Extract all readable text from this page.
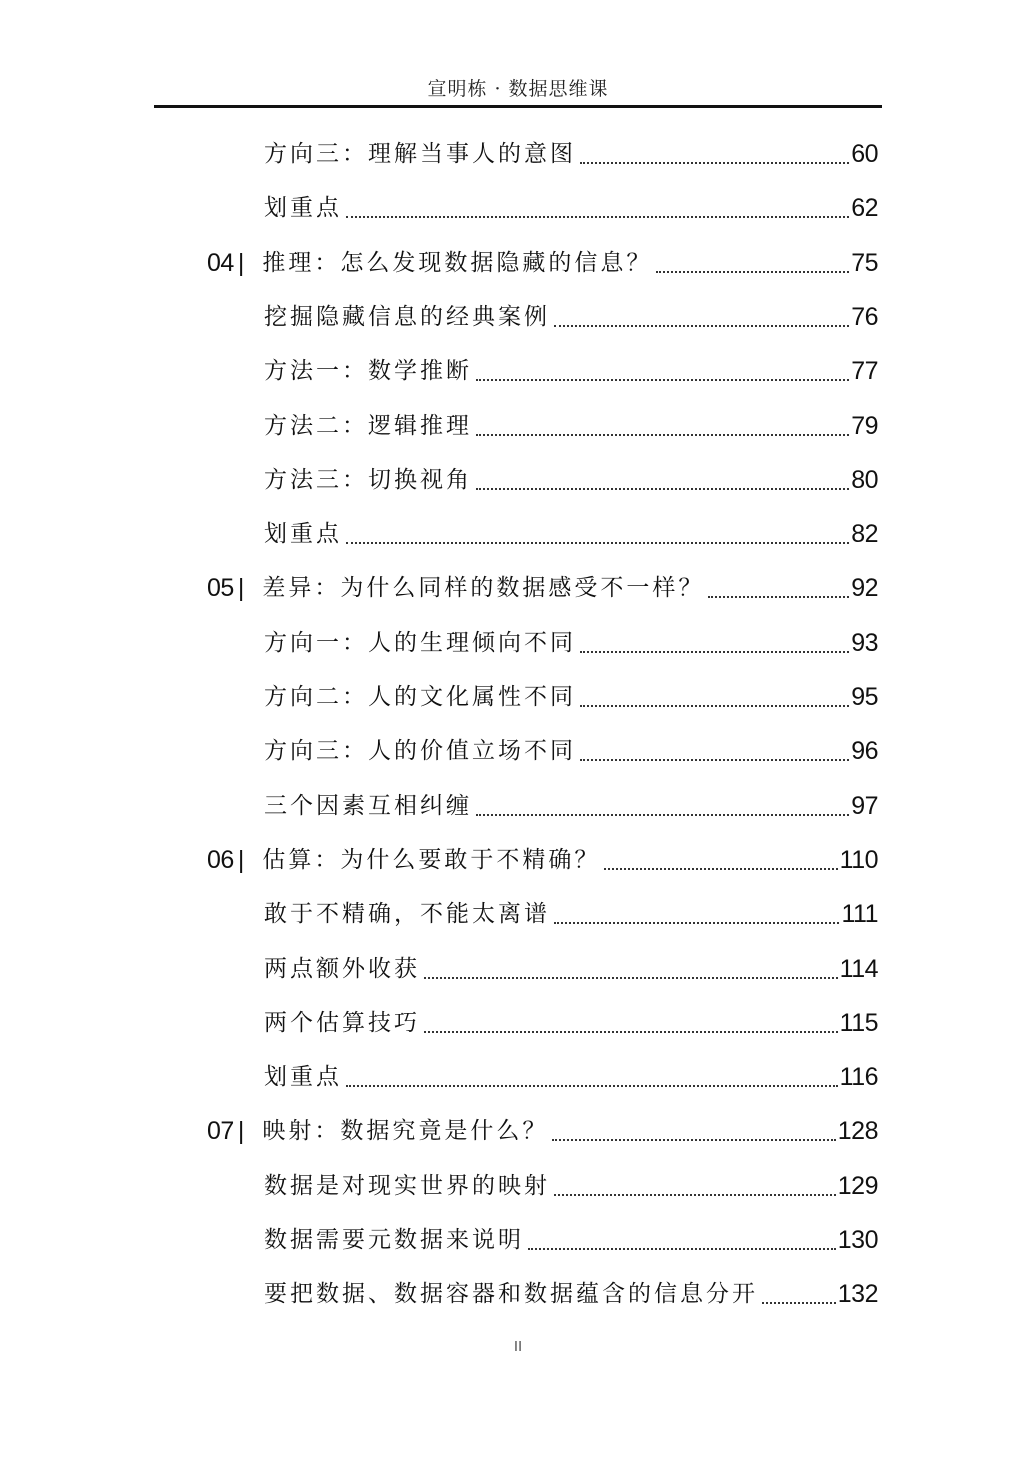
宣明栋 · 数据思维课
方向三：理解当事人的意图	60
划重点	62
04 | 推理：怎么发现数据隐藏的信息？	75
挖掘隐藏信息的经典案例	76
方法一：数学推断	77
方法二：逻辑推理	79
方法三：切换视角	80
划重点	82
05 | 差异：为什么同样的数据感受不一样？	92
方向一：人的生理倾向不同	93
方向二：人的文化属性不同	95
方向三：人的价值立场不同	96
三个因素互相纠缠	97
06 | 估算：为什么要敢于不精确？	110
敢于不精确，不能太离谱	111
两点额外收获	114
两个估算技巧	115
划重点	116
07 | 映射：数据究竟是什么？	128
数据是对现实世界的映射	129
数据需要元数据来说明	130
要把数据、数据容器和数据蕴含的信息分开	132
II
